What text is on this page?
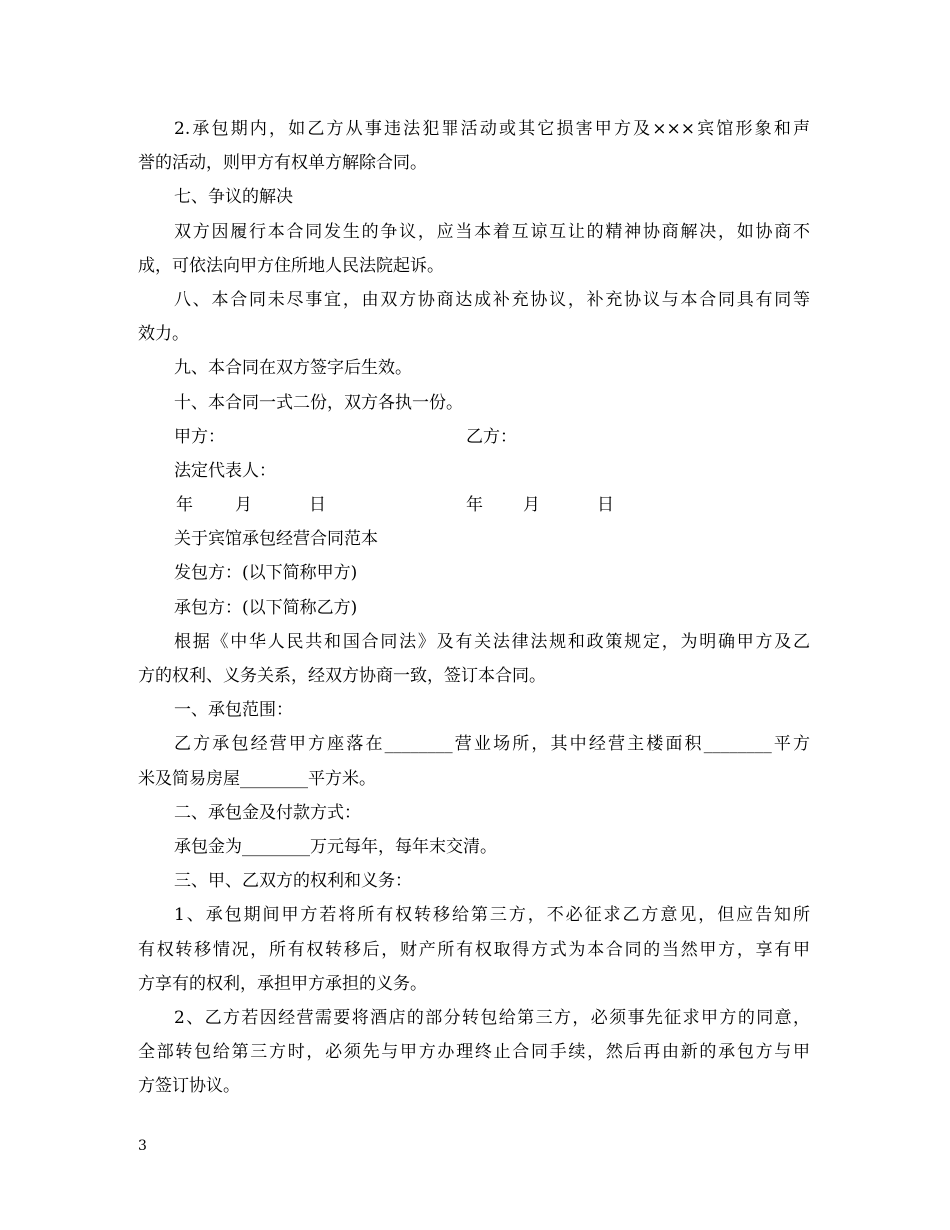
2.承包期内，如乙方从事违法犯罪活动或其它损害甲方及×××宾馆形象和声
誉的活动，则甲方有权单方解除合同。
七、争议的解决
双方因履行本合同发生的争议，应当本着互谅互让的精神协商解决，如协商不
成，可依法向甲方住所地人民法院起诉。
八、本合同未尽事宜，由双方协商达成补充协议，补充协议与本合同具有同等
效力。
九、本合同在双方签字后生效。
十、本合同一式二份，双方各执一份。
甲方：	乙方：
法定代表人：
年 月	日	年 月	日
关于宾馆承包经营合同范本
发包方：(以下简称甲方)
承包方：(以下简称乙方)
根据《中华人民共和国合同法》及有关法律法规和政策规定，为明确甲方及乙
方的权利、义务关系，经双方协商一致，签订本合同。
一、承包范围：
乙方承包经营甲方座落在________营业场所，其中经营主楼面积________平方
米及简易房屋________平方米。
二、承包金及付款方式：
承包金为________万元每年，每年末交清。
三、甲、乙双方的权利和义务：
1、承包期间甲方若将所有权转移给第三方，不必征求乙方意见，但应告知所
有权转移情况，所有权转移后，财产所有权取得方式为本合同的当然甲方，享有甲
方享有的权利，承担甲方承担的义务。
2、乙方若因经营需要将酒店的部分转包给第三方，必须事先征求甲方的同意，
全部转包给第三方时，必须先与甲方办理终止合同手续，然后再由新的承包方与甲
方签订协议。
3
